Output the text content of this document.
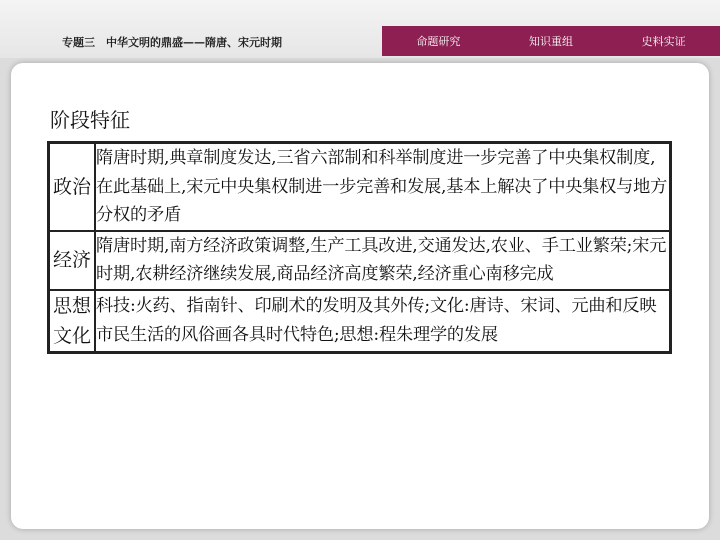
专题三　中华文明的鼎盛——隋唐、宋元时期	命题研究	知识重组	史料实证
阶段特征
政治	隋唐时期,典章制度发达,三省六部制和科举制度进一步完善了中央集权制度,在此基础上,宋元中央集权制进一步完善和发展,基本上解决了中央集权与地方分权的矛盾
经济	隋唐时期,南方经济政策调整,生产工具改进,交通发达,农业、手工业繁荣;宋元时期,农耕经济继续发展,商品经济高度繁荣,经济重心南移完成
思想文化	科技:火药、指南针、印刷术的发明及其外传;文化:唐诗、宋词、元曲和反映市民生活的风俗画各具时代特色;思想:程朱理学的发展
